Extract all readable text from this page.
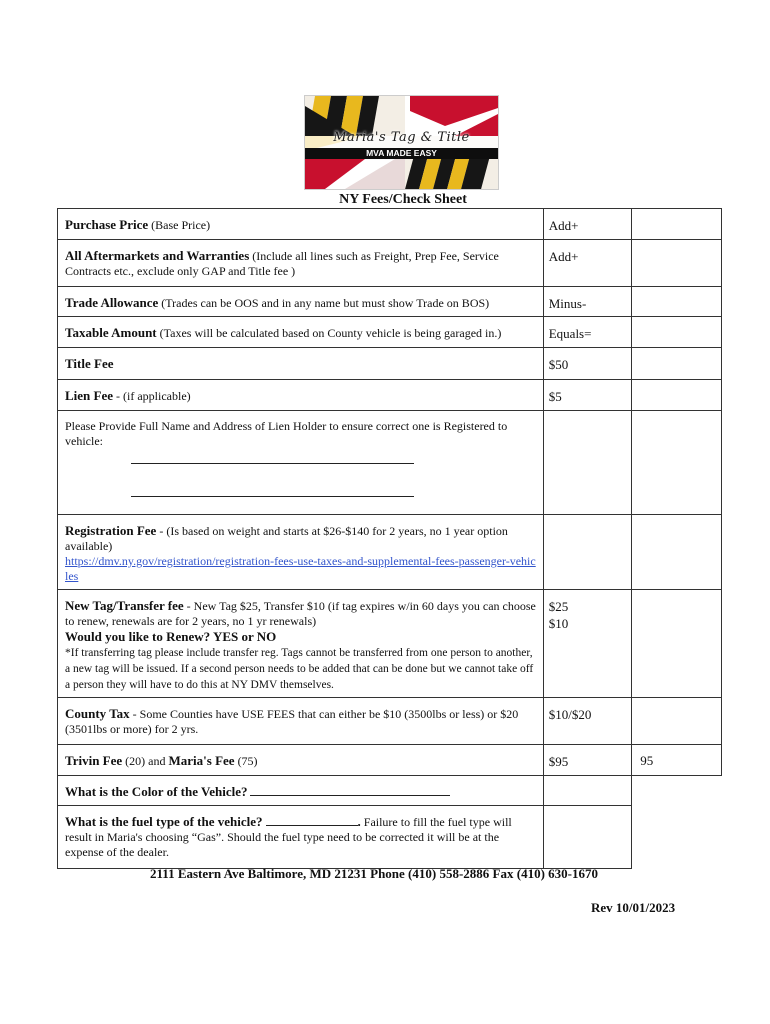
Maria's Tag & Title
MVA MADE EASY
NY Fees/Check Sheet
Purchase Price (Base Price)	Add+	
All Aftermarkets and Warranties (Include all lines such as Freight, Prep Fee, Service Contracts etc., exclude only GAP and Title fee )	Add+	
Trade Allowance (Trades can be OOS and in any name but must show Trade on BOS)	Minus-	
Taxable Amount (Taxes will be calculated based on County vehicle is being garaged in.)	Equals=	
Title Fee	$50	
Lien Fee - (if applicable)	$5	
Please Provide Full Name and Address of Lien Holder to ensure correct one is Registered to vehicle:

Registration Fee - (Is based on weight and starts at $26-$140 for 2 years, no 1 year option available)
https://dmv.ny.gov/registration/registration-fees-use-taxes-and-supplemental-fees-passenger-vehicles		
New Tag/Transfer fee - New Tag $25, Transfer $10 (if tag expires w/in 60 days you can choose to renew, renewals are for 2 years, no 1 yr renewals)
Would you like to Renew? YES or NO
*If transferring tag please include transfer reg. Tags cannot be transferred from one person to another, a new tag will be issued. If a second person needs to be added that can be done but we cannot take off a person they will have to do this at NY DMV themselves.	$25
$10	
County Tax - Some Counties have USE FEES that can either be $10 (3500lbs or less) or $20 (3501lbs or more) for 2 yrs.	$10/$20	
Trivin Fee (20) and Maria's Fee (75)	$95	95
What is the Color of the Vehicle?		
What is the fuel type of the vehicle? . Failure to fill the fuel type will result in Maria's choosing “Gas”. Should the fuel type need to be corrected it will be at the expense of the dealer.		
2111 Eastern Ave Baltimore, MD 21231 Phone (410) 558-2886 Fax (410) 630-1670
Rev 10/01/2023
